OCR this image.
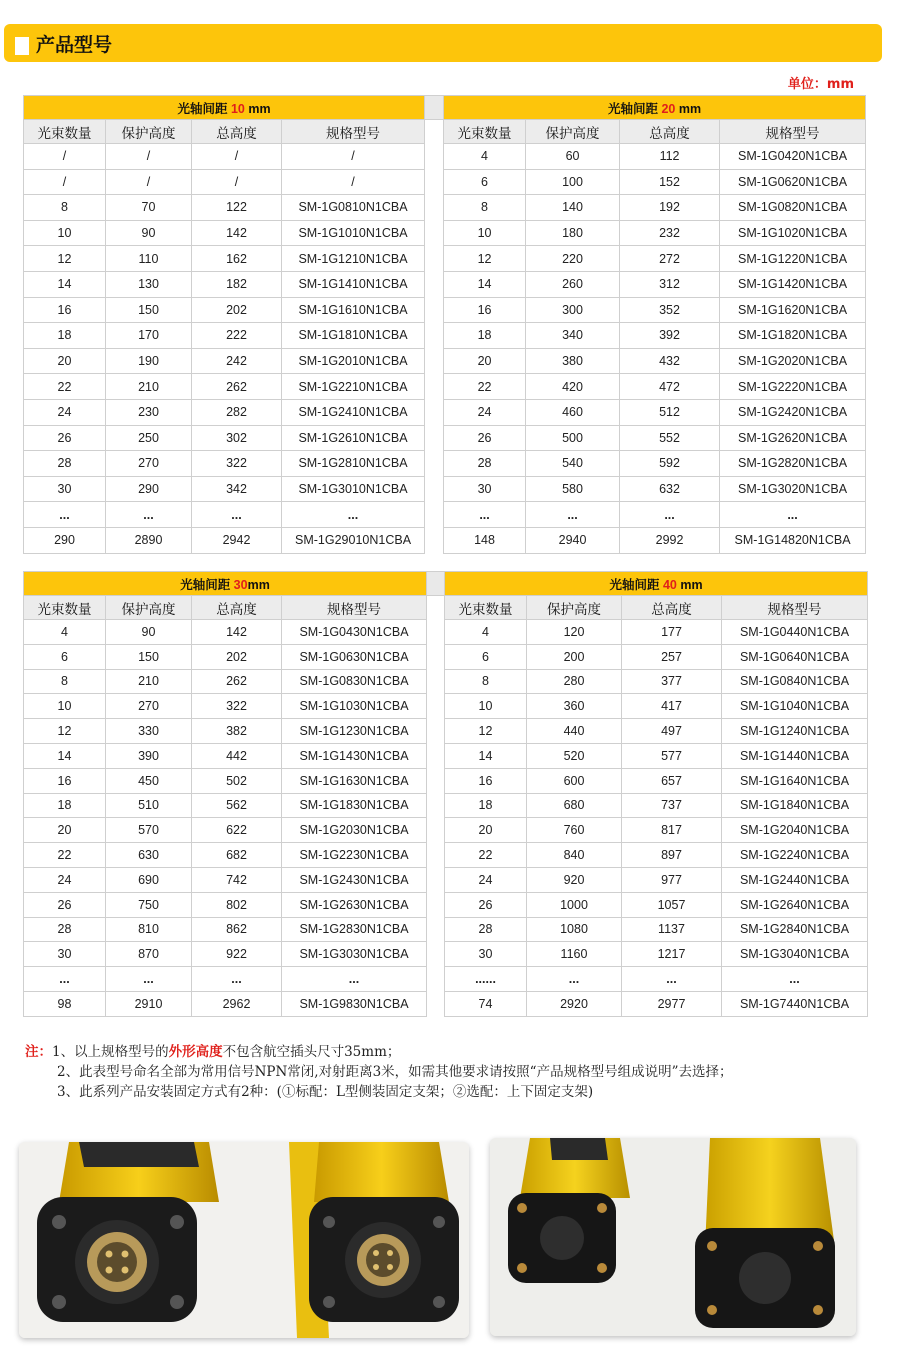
产品型号
单位：mm
光轴间距 10 mm					光轴间距 20 mm			
光束数量	保护高度	总高度	规格型号		光束数量	保护高度	总高度	规格型号
/	/	/	/		4	60	112	SM-1G0420N1CBA
/	/	/	/		6	100	152	SM-1G0620N1CBA
8	70	122	SM-1G0810N1CBA		8	140	192	SM-1G0820N1CBA
10	90	142	SM-1G1010N1CBA		10	180	232	SM-1G1020N1CBA
12	110	162	SM-1G1210N1CBA		12	220	272	SM-1G1220N1CBA
14	130	182	SM-1G1410N1CBA		14	260	312	SM-1G1420N1CBA
16	150	202	SM-1G1610N1CBA		16	300	352	SM-1G1620N1CBA
18	170	222	SM-1G1810N1CBA		18	340	392	SM-1G1820N1CBA
20	190	242	SM-1G2010N1CBA		20	380	432	SM-1G2020N1CBA
22	210	262	SM-1G2210N1CBA		22	420	472	SM-1G2220N1CBA
24	230	282	SM-1G2410N1CBA		24	460	512	SM-1G2420N1CBA
26	250	302	SM-1G2610N1CBA		26	500	552	SM-1G2620N1CBA
28	270	322	SM-1G2810N1CBA		28	540	592	SM-1G2820N1CBA
30	290	342	SM-1G3010N1CBA		30	580	632	SM-1G3020N1CBA
...	...	...	...		...	...	...	...
290	2890	2942	SM-1G29010N1CBA		148	2940	2992	SM-1G14820N1CBA
光轴间距 30mm					光轴间距 40 mm			
光束数量	保护高度	总高度	规格型号		光束数量	保护高度	总高度	规格型号
4	90	142	SM-1G0430N1CBA		4	120	177	SM-1G0440N1CBA
6	150	202	SM-1G0630N1CBA		6	200	257	SM-1G0640N1CBA
8	210	262	SM-1G0830N1CBA		8	280	377	SM-1G0840N1CBA
10	270	322	SM-1G1030N1CBA		10	360	417	SM-1G1040N1CBA
12	330	382	SM-1G1230N1CBA		12	440	497	SM-1G1240N1CBA
14	390	442	SM-1G1430N1CBA		14	520	577	SM-1G1440N1CBA
16	450	502	SM-1G1630N1CBA		16	600	657	SM-1G1640N1CBA
18	510	562	SM-1G1830N1CBA		18	680	737	SM-1G1840N1CBA
20	570	622	SM-1G2030N1CBA		20	760	817	SM-1G2040N1CBA
22	630	682	SM-1G2230N1CBA		22	840	897	SM-1G2240N1CBA
24	690	742	SM-1G2430N1CBA		24	920	977	SM-1G2440N1CBA
26	750	802	SM-1G2630N1CBA		26	1000	1057	SM-1G2640N1CBA
28	810	862	SM-1G2830N1CBA		28	1080	1137	SM-1G2840N1CBA
30	870	922	SM-1G3030N1CBA		30	1160	1217	SM-1G3040N1CBA
...	...	...	...		......	...	...	...
98	2910	2962	SM-1G9830N1CBA		74	2920	2977	SM-1G7440N1CBA
注：1、以上规格型号的外形高度不包含航空插头尺寸35mm；
2、此表型号命名全部为常用信号NPN常闭,对射距离3米，如需其他要求请按照“产品规格型号组成说明”去选择；
3、此系列产品安装固定方式有2种：(①标配：L型侧装固定支架；②选配：上下固定支架)
